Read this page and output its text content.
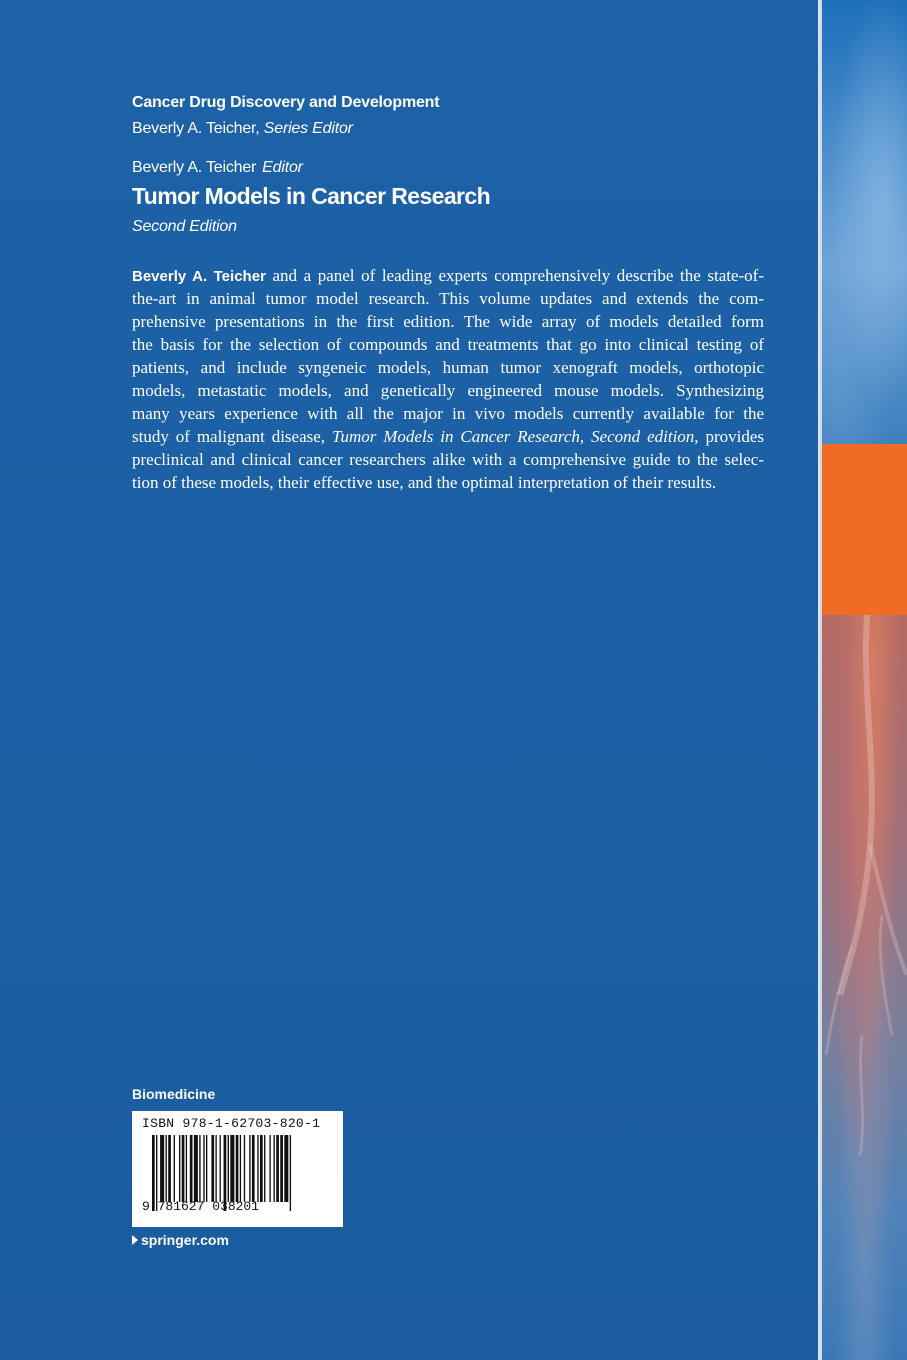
Cancer Drug Discovery and Development

Beverly A. Teicher, Series Editor

Beverly A. Teicher Editor

Tumor Models in Cancer Research

Second Edition

Beverly A. Teicher and a panel of leading experts comprehensively describe the state-of-
the-art in animal tumor model research. This volume updates and extends the com-
prehensive presentations in the first edition. The wide array of models detailed form
the basis for the selection of compounds and treatments that go into clinical testing of
patients, and include syngeneic models, human tumor xenograft models, orthotopic
models, metastatic models, and genetically engineered mouse models. Synthesizing
many years experience with all the major in vivo models currently available for the
study of malignant disease, Tumor Models in Cancer Research, Second edition, provides
preclinical and clinical cancer researchers alike with a comprehensive guide to the selec-
tion of these models, their effective use, and the optimal interpretation of their results.

Biomedicine

ISBN 978-1-62703-820-1
9 781627 038201

springer.com
